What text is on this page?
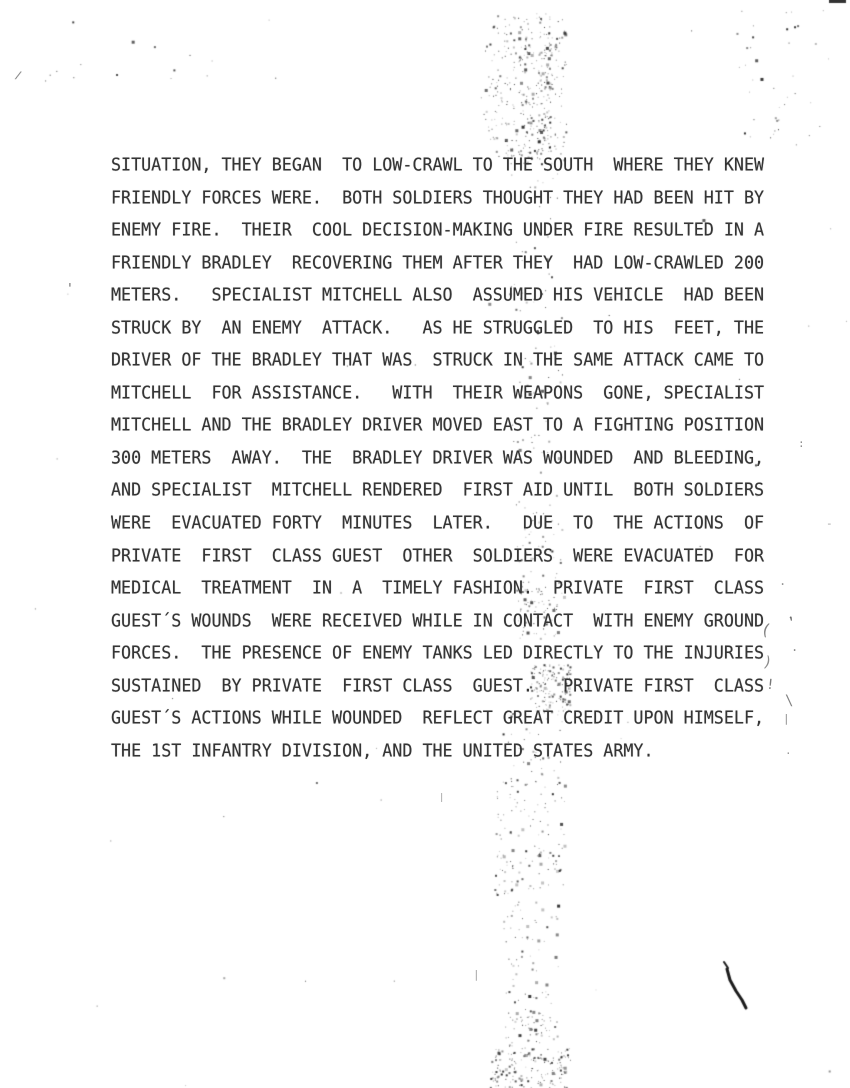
SITUATION, THEY BEGAN  TO LOW-CRAWL TO THE SOUTH  WHERE THEY KNEW
FRIENDLY FORCES WERE.  BOTH SOLDIERS THOUGHT THEY HAD BEEN HIT BY
ENEMY FIRE.  THEIR  COOL DECISION-MAKING UNDER FIRE RESULTED IN A
FRIENDLY BRADLEY  RECOVERING THEM AFTER THEY  HAD LOW-CRAWLED 200
METERS.   SPECIALIST MITCHELL ALSO  ASSUMED HIS VEHICLE  HAD BEEN
STRUCK BY  AN ENEMY  ATTACK.   AS HE STRUGGLED  TO HIS  FEET, THE
DRIVER OF THE BRADLEY THAT WAS  STRUCK IN THE SAME ATTACK CAME TO
MITCHELL  FOR ASSISTANCE.   WITH  THEIR WEAPONS  GONE, SPECIALIST
MITCHELL AND THE BRADLEY DRIVER MOVED EAST TO A FIGHTING POSITION
300 METERS  AWAY.  THE  BRADLEY DRIVER WAS WOUNDED  AND BLEEDING,
AND SPECIALIST  MITCHELL RENDERED  FIRST AID UNTIL  BOTH SOLDIERS
WERE  EVACUATED FORTY  MINUTES  LATER.   DUE  TO  THE ACTIONS  OF
PRIVATE  FIRST  CLASS GUEST  OTHER  SOLDIERS  WERE EVACUATED  FOR
MEDICAL  TREATMENT  IN  A  TIMELY FASHION.  PRIVATE  FIRST  CLASS
GUEST´S WOUNDS  WERE RECEIVED WHILE IN CONTACT  WITH ENEMY GROUND
FORCES.  THE PRESENCE OF ENEMY TANKS LED DIRECTLY TO THE INJURIES
SUSTAINED  BY PRIVATE  FIRST CLASS  GUEST.   PRIVATE FIRST  CLASS
GUEST´S ACTIONS WHILE WOUNDED  REFLECT GREAT CREDIT UPON HIMSELF,
THE 1ST INFANTRY DIVISION, AND THE UNITED STATES ARMY.
'
/
:
-
.
,
(
.
)
!
\
|
.
|
|
